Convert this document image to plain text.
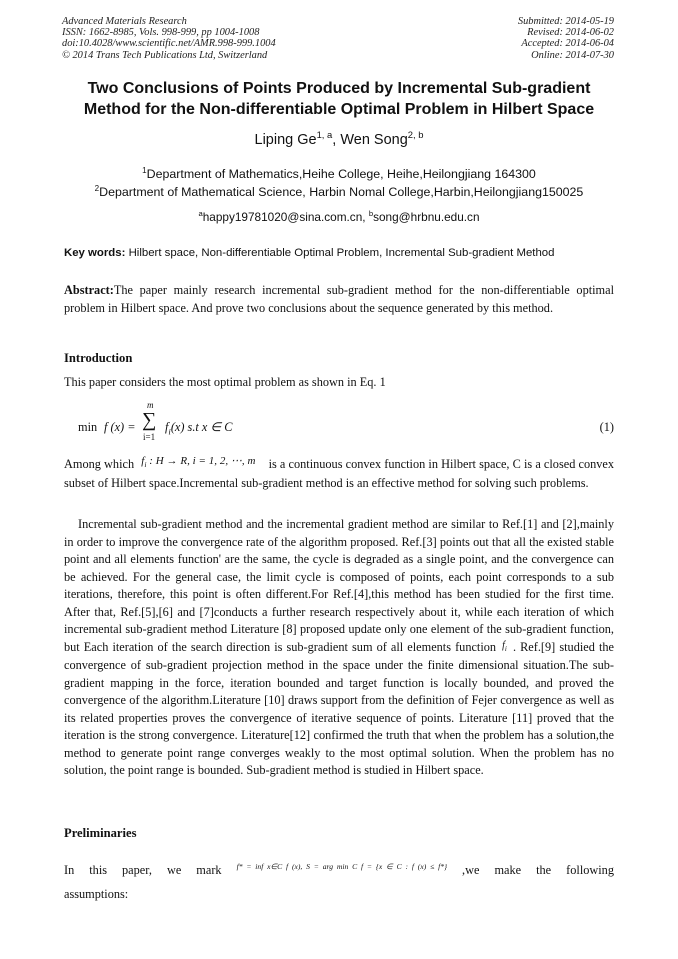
Advanced Materials Research
ISSN: 1662-8985, Vols. 998-999, pp 1004-1008
doi:10.4028/www.scientific.net/AMR.998-999.1004
© 2014 Trans Tech Publications Ltd, Switzerland
Submitted: 2014-05-19
Revised: 2014-06-02
Accepted: 2014-06-04
Online: 2014-07-30
Two Conclusions of Points Produced by Incremental Sub-gradient
Method for the Non-differentiable Optimal Problem in Hilbert Space
Liping Ge$^{1, a}$, Wen Song$^{2, b}$
$^1$Department of Mathematics,Heihe College, Heihe,Heilongjiang 164300
$^2$Department of Mathematical Science, Harbin Nomal College,Harbin,Heilongjiang150025
$^a$happy19781020@sina.com.cn, $^b$song@hrbnu.edu.cn
Key words: Hilbert space, Non-differentiable Optimal Problem, Incremental Sub-gradient Method
Abstract:The paper mainly research incremental sub-gradient method for the non-differentiable optimal problem in Hilbert space. And prove two conclusions about the sequence generated by this method.
Introduction
This paper considers the most optimal problem as shown in Eq. 1
min f (x) =
m
∑
i=1
$f_i(x)$ s.t x ∈ C	(1)
Among which $f_i$ : H → R, i = 1, 2, ⋯, m is a continuous convex function in Hilbert space, C is a closed convex subset of Hilbert space.Incremental sub-gradient method is an effective method for solving such problems.
Incremental sub-gradient method and the incremental gradient method are similar to Ref.[1] and [2],mainly in order to improve the convergence rate of the algorithm proposed. Ref.[3] points out that all the existed stable point and all elements function' are the same, the cycle is degraded as a single point, and the convergence can be achieved. For the general case, the limit cycle is composed of points, each point corresponds to a sub iterations, therefore, this point is often different.For Ref.[4],this method has been studied for the first time. After that, Ref.[5],[6] and [7]conducts a further research respectively about it, while each iteration of which incremental sub-gradient method Literature [8] proposed update only one element of the sub-gradient function, but Each iteration of the search direction is sub-gradient sum of all elements function $^{f_i}$ . Ref.[9] studied the convergence of sub-gradient projection method in the space under the finite dimensional situation.The sub-gradient mapping in the force, iteration bounded and target function is locally bounded, and proved the convergence of the algorithm.Literature [10] draws support from the definition of Fejer convergence as well as its related properties proves the convergence of iterative sequence of points. Literature [11] proved that the iteration is the strong convergence. Literature[12] confirmed the truth that when the problem has a solution,the method to generate point range converges weakly to the most optimal solution. When the problem has no solution, the point range is bounded. Sub-gradient method is studied in Hilbert space.
Preliminaries
In this paper, we mark $^{f* = inf x\in C f (x), S = arg min C f = \{x \in C : f (x) \le f*\}}$ ,we make the following assumptions:
